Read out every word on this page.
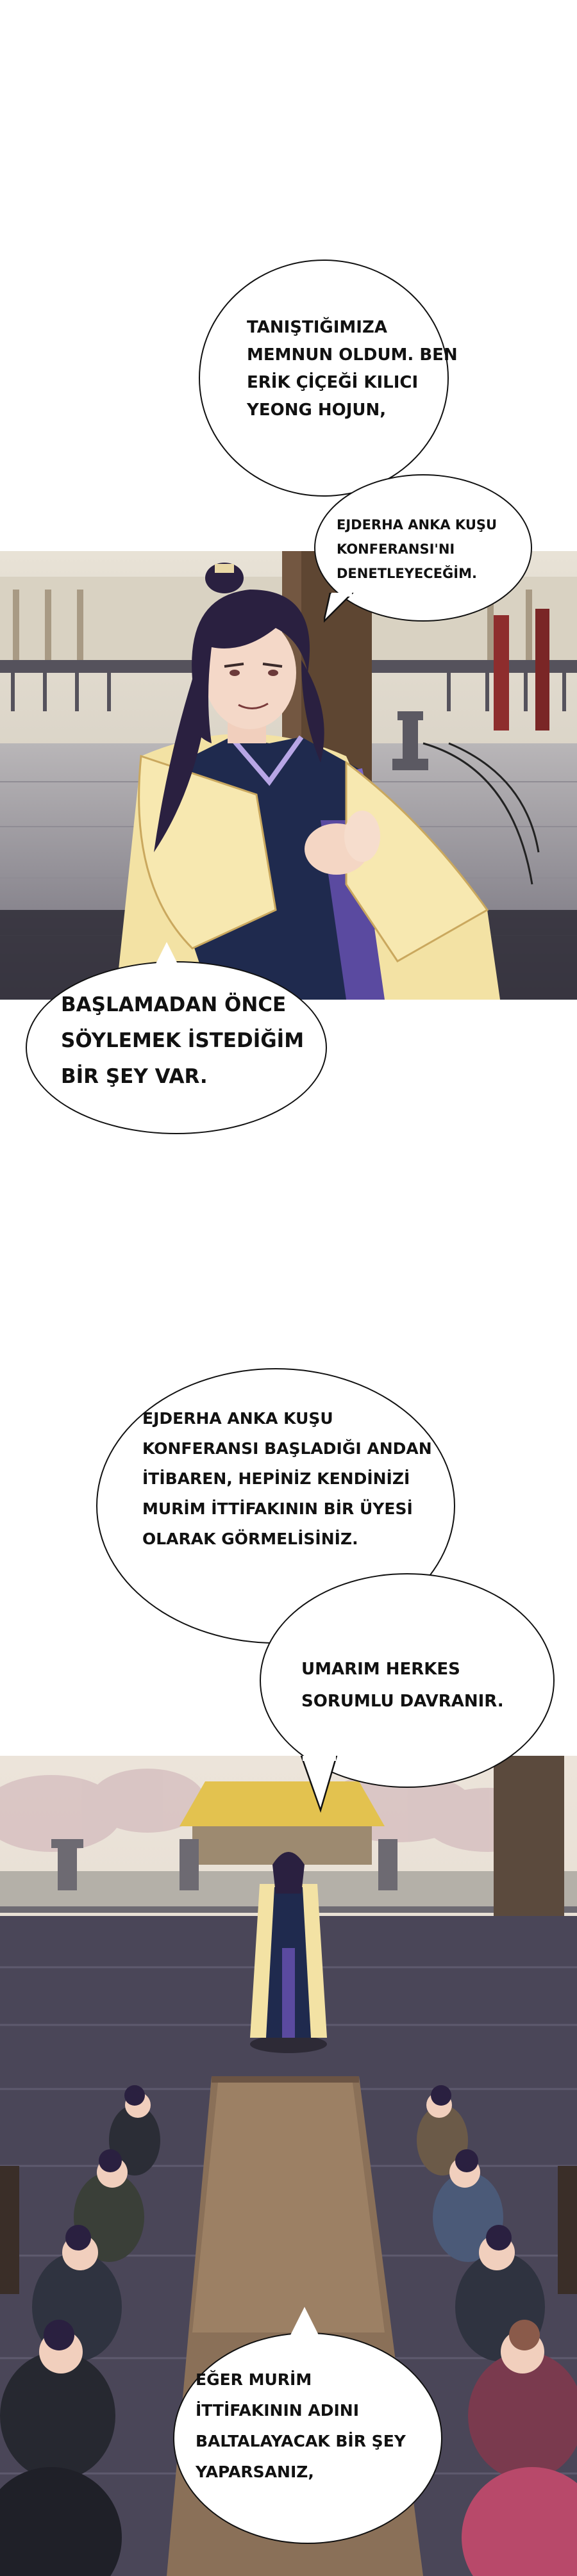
TANIŞTIĞIMIZA
MEMNUN OLDUM. BEN
ERİK ÇİÇEĞİ KILICI
YEONG HOJUN,
EJDERHA ANKA KUŞU
KONFERANSI'NI
DENETLEYECEĞİM.
BAŞLAMADAN ÖNCE
SÖYLEMEK İSTEDİĞİM
BİR ŞEY VAR.
EJDERHA ANKA KUŞU
KONFERANSI BAŞLADIĞI ANDAN
İTİBAREN, HEPİNİZ KENDİNİZİ
MURİM İTTİFAKININ BİR ÜYESİ
OLARAK GÖRMELİSİNİZ.
UMARIM HERKES
SORUMLU DAVRANIR.
EĞER MURİM
İTTİFAKININ ADINI
BALTALAYACAK BİR ŞEY
YAPARSANIZ,
